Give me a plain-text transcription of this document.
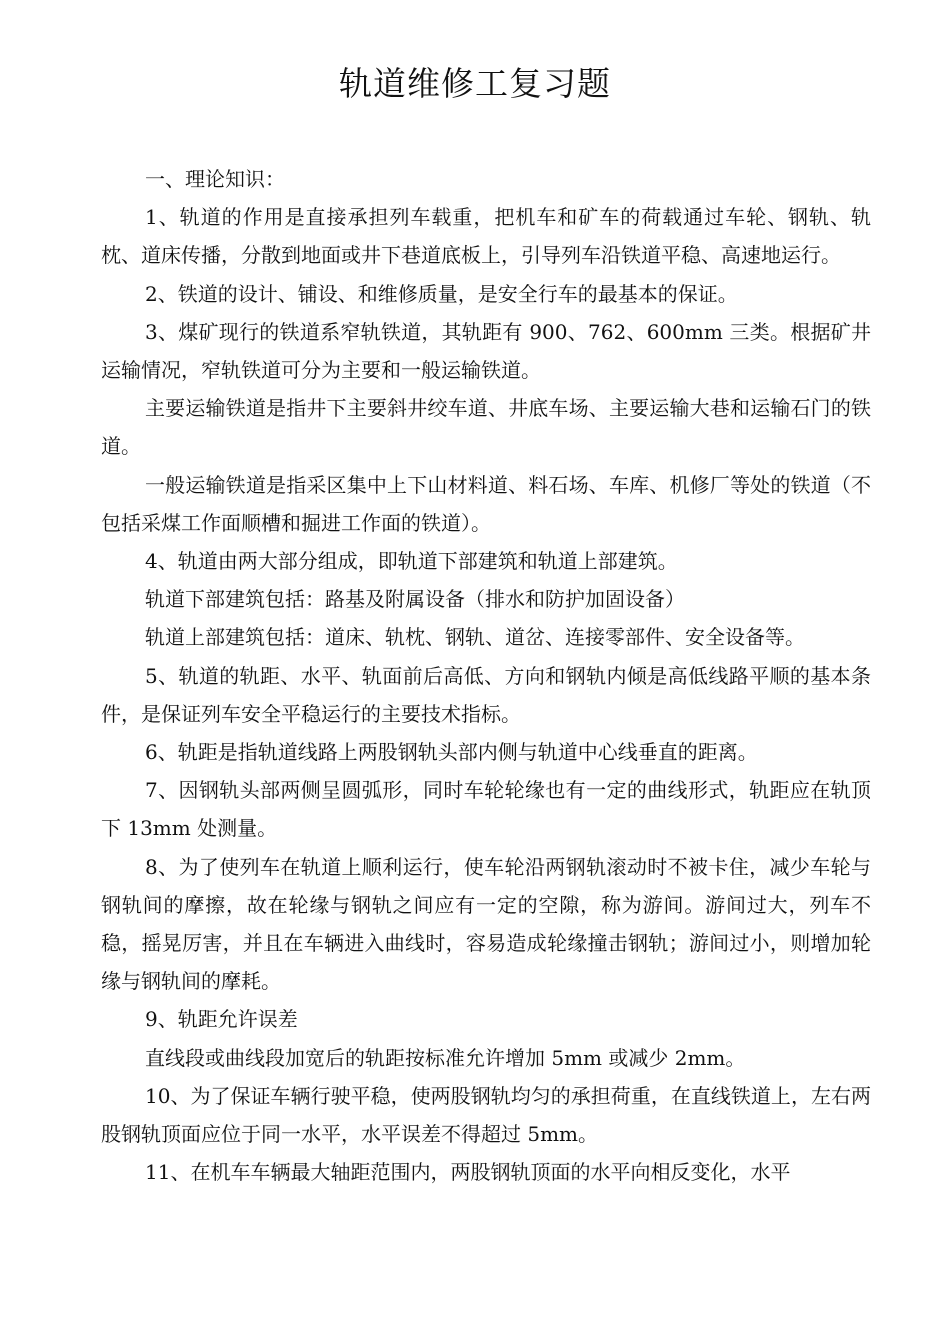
轨道维修工复习题

一、理论知识：

1、轨道的作用是直接承担列车载重，把机车和矿车的荷载通过车轮、钢轨、轨枕、道床传播，分散到地面或井下巷道底板上，引导列车沿铁道平稳、高速地运行。

2、铁道的设计、铺设、和维修质量，是安全行车的最基本的保证。

3、煤矿现行的铁道系窄轨铁道，其轨距有 900、762、600mm 三类。根据矿井运输情况，窄轨铁道可分为主要和一般运输铁道。

主要运输铁道是指井下主要斜井绞车道、井底车场、主要运输大巷和运输石门的铁道。

一般运输铁道是指采区集中上下山材料道、料石场、车库、机修厂等处的铁道（不包括采煤工作面顺槽和掘进工作面的铁道）。

4、轨道由两大部分组成，即轨道下部建筑和轨道上部建筑。

轨道下部建筑包括：路基及附属设备（排水和防护加固设备）

轨道上部建筑包括：道床、轨枕、钢轨、道岔、连接零部件、安全设备等。

5、轨道的轨距、水平、轨面前后高低、方向和钢轨内倾是高低线路平顺的基本条件，是保证列车安全平稳运行的主要技术指标。

6、轨距是指轨道线路上两股钢轨头部内侧与轨道中心线垂直的距离。

7、因钢轨头部两侧呈圆弧形，同时车轮轮缘也有一定的曲线形式，轨距应在轨顶下 13mm 处测量。

8、为了使列车在轨道上顺利运行，使车轮沿两钢轨滚动时不被卡住，减少车轮与钢轨间的摩擦，故在轮缘与钢轨之间应有一定的空隙，称为游间。游间过大，列车不稳，摇晃厉害，并且在车辆进入曲线时，容易造成轮缘撞击钢轨；游间过小，则增加轮缘与钢轨间的摩耗。

9、轨距允许误差

直线段或曲线段加宽后的轨距按标准允许增加 5mm 或减少 2mm。

10、为了保证车辆行驶平稳，使两股钢轨均匀的承担荷重，在直线铁道上，左右两股钢轨顶面应位于同一水平，水平误差不得超过 5mm。

11、在机车车辆最大轴距范围内，两股钢轨顶面的水平向相反变化，水平
